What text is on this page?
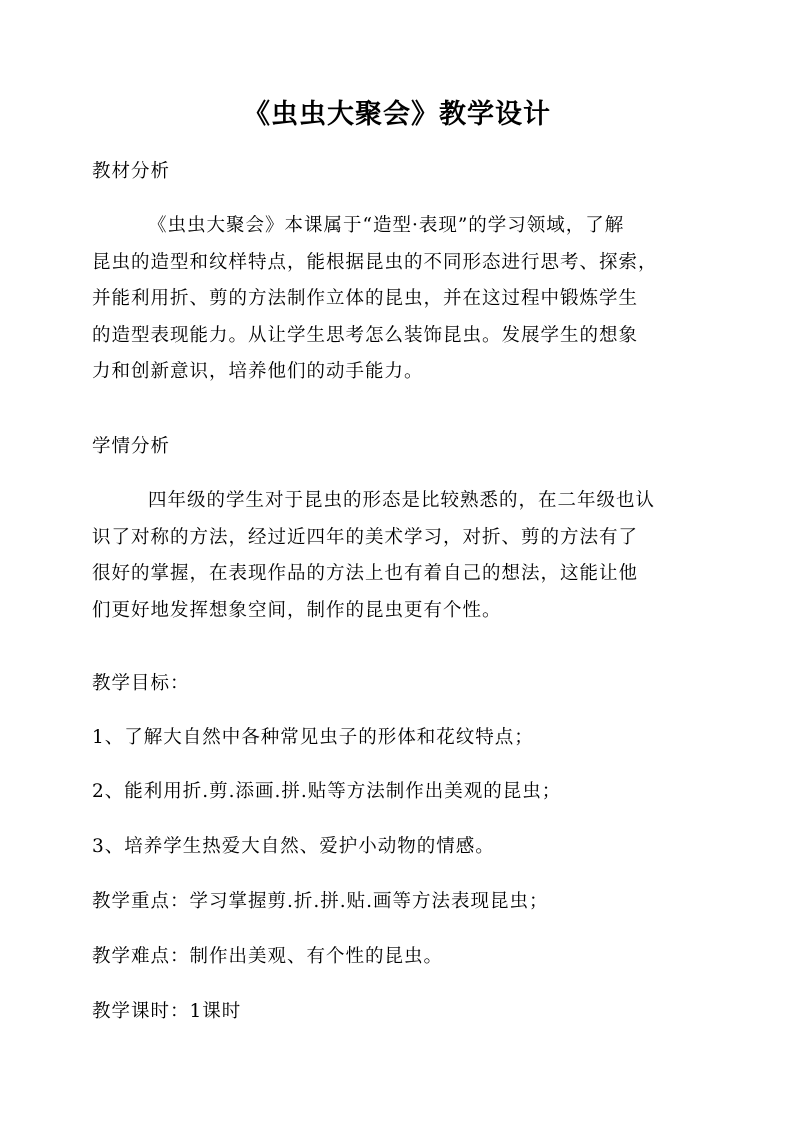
《虫虫大聚会》教学设计
教材分析
《虫虫大聚会》本课属于“造型·表现”的学习领域，了解
昆虫的造型和纹样特点，能根据昆虫的不同形态进行思考、探索，
并能利用折、剪的方法制作立体的昆虫，并在这过程中锻炼学生
的造型表现能力。从让学生思考怎么装饰昆虫。发展学生的想象
力和创新意识，培养他们的动手能力。
学情分析
四年级的学生对于昆虫的形态是比较熟悉的，在二年级也认
识了对称的方法，经过近四年的美术学习，对折、剪的方法有了
很好的掌握，在表现作品的方法上也有着自己的想法，这能让他
们更好地发挥想象空间，制作的昆虫更有个性。
教学目标：
1、了解大自然中各种常见虫子的形体和花纹特点；
2、能利用折.剪.添画.拼.贴等方法制作出美观的昆虫；
3、培养学生热爱大自然、爱护小动物的情感。
教学重点：学习掌握剪.折.拼.贴.画等方法表现昆虫；
教学难点：制作出美观、有个性的昆虫。
教学课时：1课时
